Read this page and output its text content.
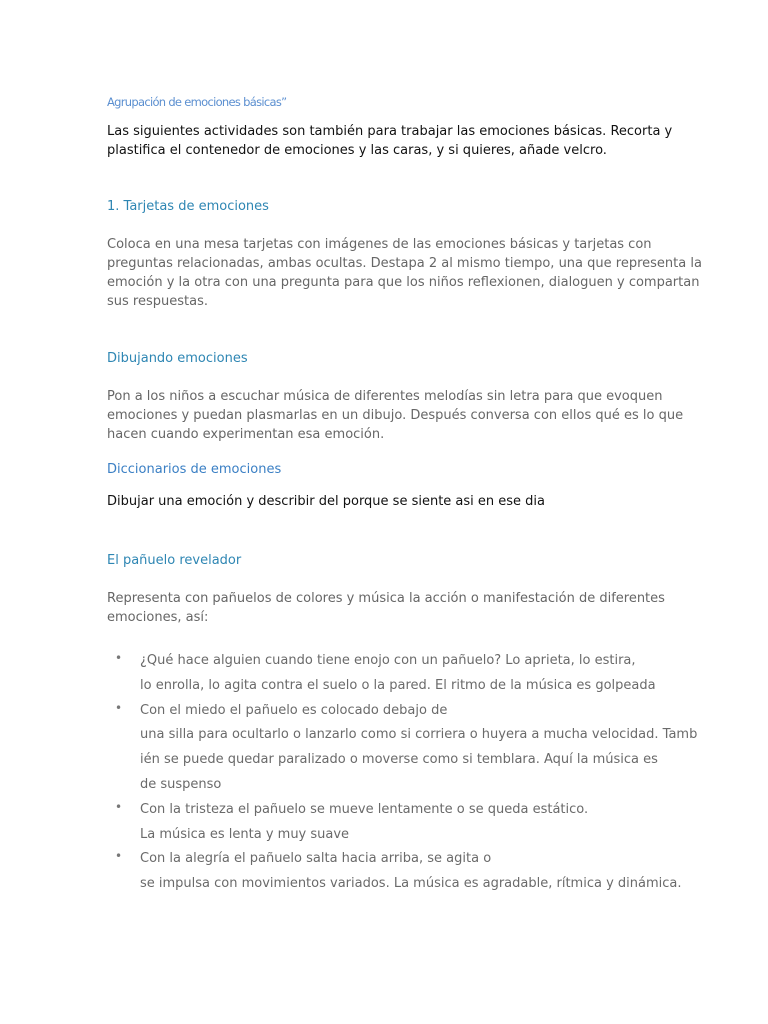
Agrupación de emociones básicas”
Las siguientes actividades son también para trabajar las emociones básicas. Recorta y
plastifica el contenedor de emociones y las caras, y si quieres, añade velcro.
1. Tarjetas de emociones
Coloca en una mesa tarjetas con imágenes de las emociones básicas y tarjetas con
preguntas relacionadas, ambas ocultas. Destapa 2 al mismo tiempo, una que representa la
emoción y la otra con una pregunta para que los niños reflexionen, dialoguen y compartan
sus respuestas.
Dibujando emociones
Pon a los niños a escuchar música de diferentes melodías sin letra para que evoquen
emociones y puedan plasmarlas en un dibujo. Después conversa con ellos qué es lo que
hacen cuando experimentan esa emoción.
Diccionarios de emociones
Dibujar una emoción y describir del porque se siente asi en ese dia
El pañuelo revelador
Representa con pañuelos de colores y música la acción o manifestación de diferentes
emociones, así:
• ¿Qué hace alguien cuando tiene enojo con un pañuelo? Lo aprieta, lo estira,
lo enrolla, lo agita contra el suelo o la pared. El ritmo de la música es golpeada
• Con el miedo el pañuelo es colocado debajo de
una silla para ocultarlo o lanzarlo como si corriera o huyera a mucha velocidad. Tamb
ién se puede quedar paralizado o moverse como si temblara. Aquí la música es
de suspenso
• Con la tristeza el pañuelo se mueve lentamente o se queda estático.
La música es lenta y muy suave
• Con la alegría el pañuelo salta hacia arriba, se agita o
se impulsa con movimientos variados. La música es agradable, rítmica y dinámica.
